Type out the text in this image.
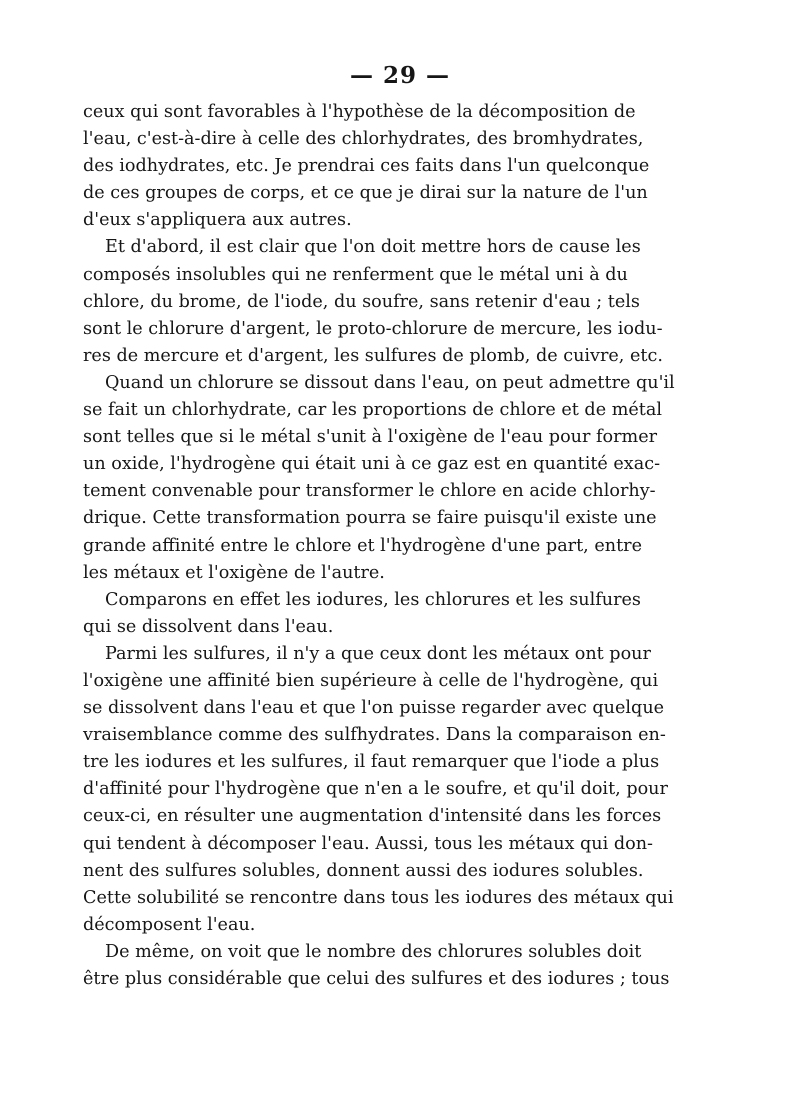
— 29 —
ceux qui sont favorables à l'hypothèse de la décomposition de
l'eau, c'est-à-dire à celle des chlorhydrates, des bromhydrates,
des iodhydrates, etc. Je prendrai ces faits dans l'un quelconque
de ces groupes de corps, et ce que je dirai sur la nature de l'un
d'eux s'appliquera aux autres.
Et d'abord, il est clair que l'on doit mettre hors de cause les
composés insolubles qui ne renferment que le métal uni à du
chlore, du brome, de l'iode, du soufre, sans retenir d'eau ; tels
sont le chlorure d'argent, le proto-chlorure de mercure, les iodu-
res de mercure et d'argent, les sulfures de plomb, de cuivre, etc.
Quand un chlorure se dissout dans l'eau, on peut admettre qu'il
se fait un chlorhydrate, car les proportions de chlore et de métal
sont telles que si le métal s'unit à l'oxigène de l'eau pour former
un oxide, l'hydrogène qui était uni à ce gaz est en quantité exac-
tement convenable pour transformer le chlore en acide chlorhy-
drique. Cette transformation pourra se faire puisqu'il existe une
grande affinité entre le chlore et l'hydrogène d'une part, entre
les métaux et l'oxigène de l'autre.
Comparons en effet les iodures, les chlorures et les sulfures
qui se dissolvent dans l'eau.
Parmi les sulfures, il n'y a que ceux dont les métaux ont pour
l'oxigène une affinité bien supérieure à celle de l'hydrogène, qui
se dissolvent dans l'eau et que l'on puisse regarder avec quelque
vraisemblance comme des sulfhydrates. Dans la comparaison en-
tre les iodures et les sulfures, il faut remarquer que l'iode a plus
d'affinité pour l'hydrogène que n'en a le soufre, et qu'il doit, pour
ceux-ci, en résulter une augmentation d'intensité dans les forces
qui tendent à décomposer l'eau. Aussi, tous les métaux qui don-
nent des sulfures solubles, donnent aussi des iodures solubles.
Cette solubilité se rencontre dans tous les iodures des métaux qui
décomposent l'eau.
De même, on voit que le nombre des chlorures solubles doit
être plus considérable que celui des sulfures et des iodures ; tous
